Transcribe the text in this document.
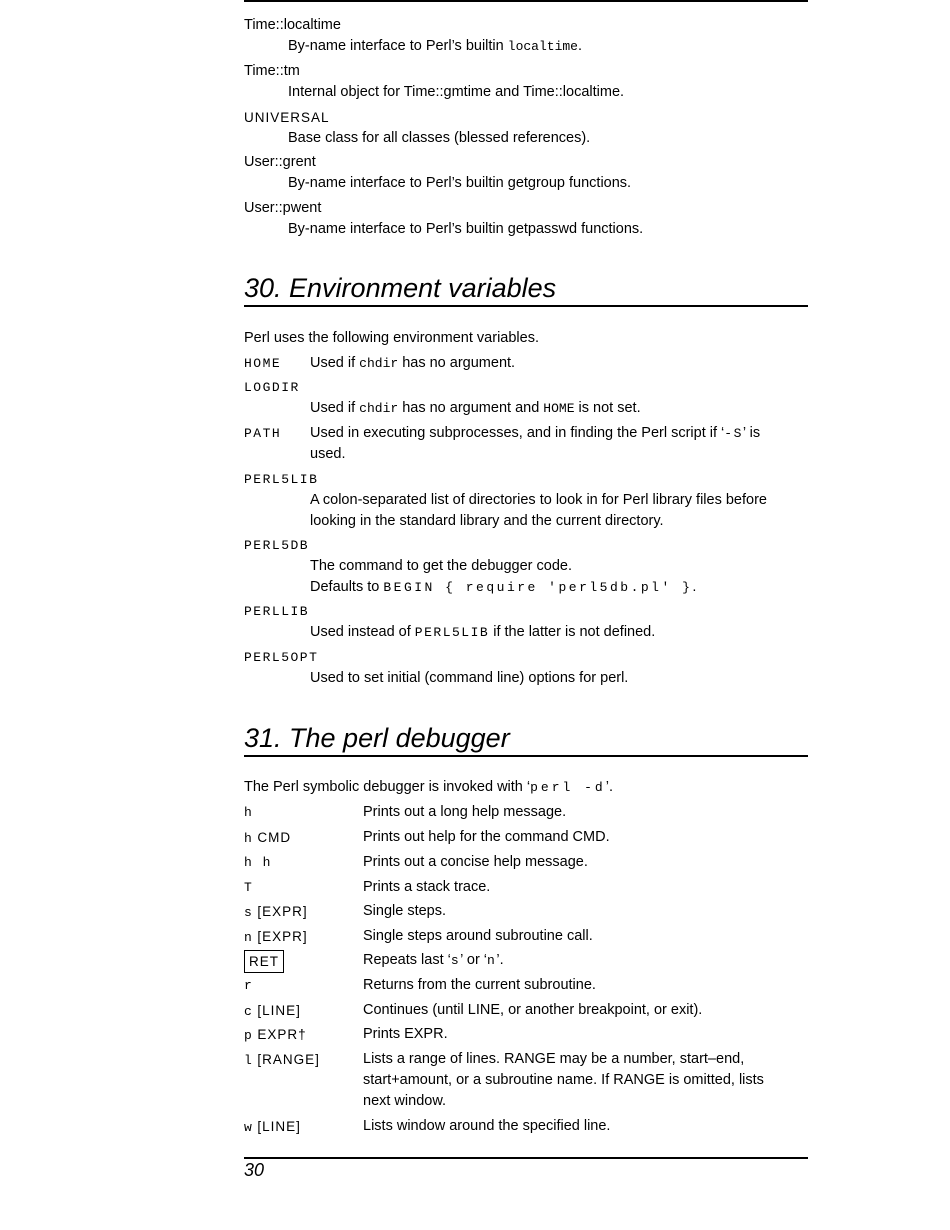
Time::localtime
By-name interface to Perl’s builtin localtime.
Time::tm
Internal object for Time::gmtime and Time::localtime.
UNIVERSAL
Base class for all classes (blessed references).
User::grent
By-name interface to Perl’s builtin getgroup functions.
User::pwent
By-name interface to Perl’s builtin getpasswd functions.
30. Environment variables
Perl uses the following environment variables.
HOME	Used if chdir has no argument.
LOGDIR
Used if chdir has no argument and HOME is not set.
PATH Used in executing subprocesses, and in finding the Perl script if ‘-S’ is
used.
PERL5LIB
A colon-separated list of directories to look in for Perl library files before
looking in the standard library and the current directory.
PERL5DB
The command to get the debugger code.
Defaults to BEGIN { require 'perl5db.pl' }.
PERLLIB
Used instead of PERL5LIB if the latter is not defined.
PERL5OPT
Used to set initial (command line) options for perl.
31. The perl debugger
The Perl symbolic debugger is invoked with ‘perl -d’.
h	Prints out a long help message.
h CMD	Prints out help for the command CMD.
h h	Prints out a concise help message.
T	Prints a stack trace.
s [EXPR]	Single steps.
n [EXPR]	Single steps around subroutine call.
RET	Repeats last ‘s’ or ‘n’.
r	Returns from the current subroutine.
c [LINE]	Continues (until LINE, or another breakpoint, or exit).
p EXPR†	Prints EXPR.
l [RANGE]	Lists a range of lines. RANGE may be a number, start–end,
start+amount, or a subroutine name. If RANGE is omitted, lists
next window.
w [LINE]	Lists window around the specified line.
30
